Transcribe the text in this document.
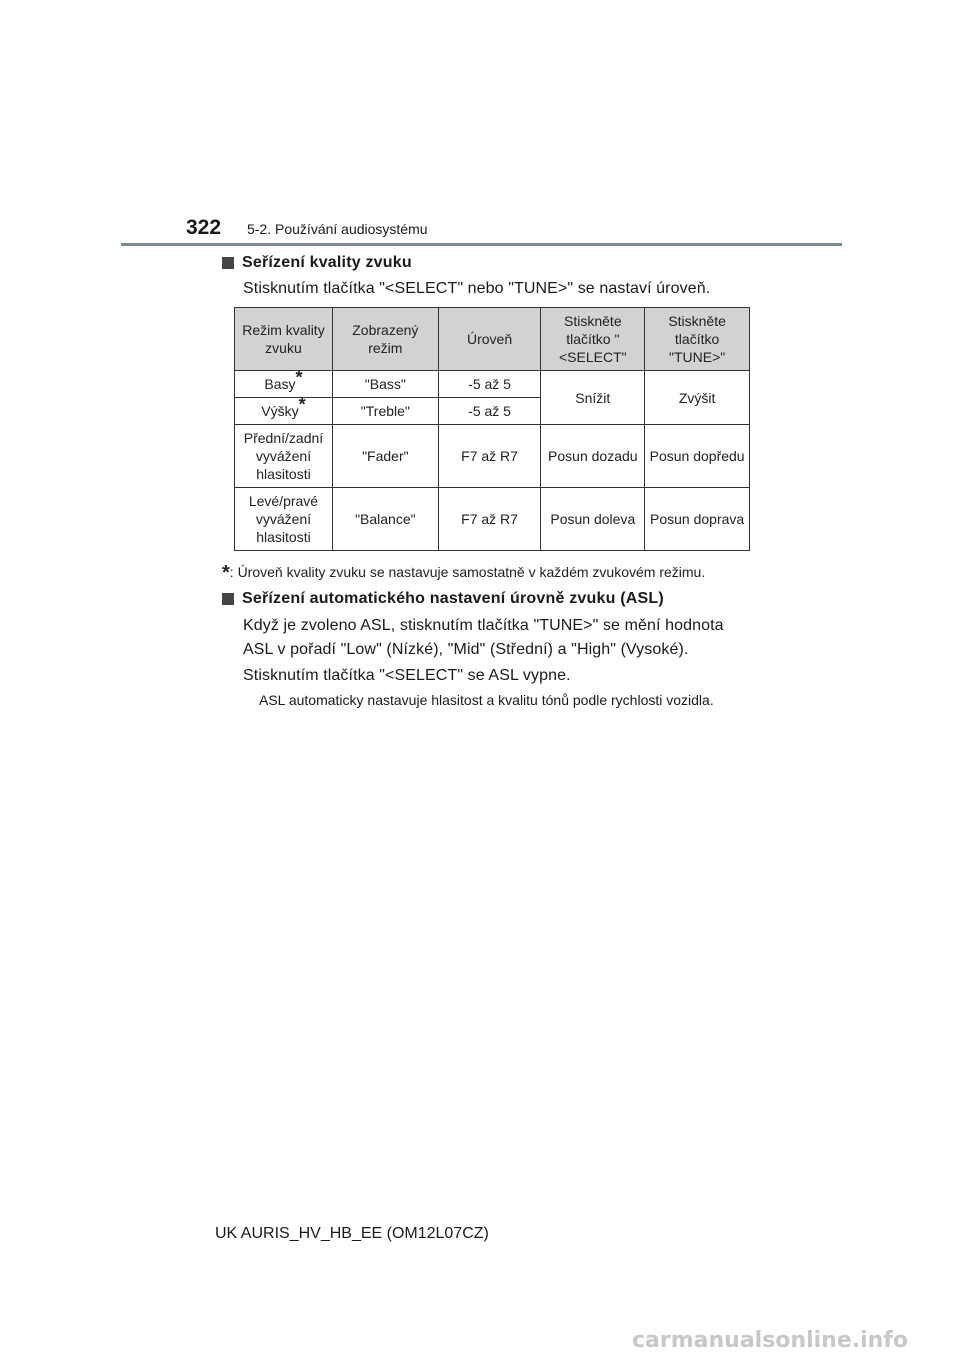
322 5-2. Používání audiosystému
Seřízení kvality zvuku
Stisknutím tlačítka "<SELECT" nebo "TUNE>" se nastaví úroveň.
Režim kvality zvuku	Zobrazený režim	Úroveň	Stiskněte tlačítko "<SELECT"	Stiskněte tlačítko "TUNE>"
Basy*	"Bass"	-5 až 5	Snížit	Zvýšit
Výšky*	"Treble"	-5 až 5		
Přední/zadní vyvážení hlasitosti	"Fader"	F7 až R7	Posun dozadu	Posun dopředu
Levé/pravé vyvážení hlasitosti	"Balance"	F7 až R7	Posun doleva	Posun doprava
*: Úroveň kvality zvuku se nastavuje samostatně v každém zvukovém režimu.
Seřízení automatického nastavení úrovně zvuku (ASL)
Když je zvoleno ASL, stisknutím tlačítka "TUNE>" se mění hodnota ASL v pořadí "Low" (Nízké), "Mid" (Střední) a "High" (Vysoké).
Stisknutím tlačítka "<SELECT" se ASL vypne.
ASL automaticky nastavuje hlasitost a kvalitu tónů podle rychlosti vozidla.
UK AURIS_HV_HB_EE (OM12L07CZ)
carmanualsonline.info
